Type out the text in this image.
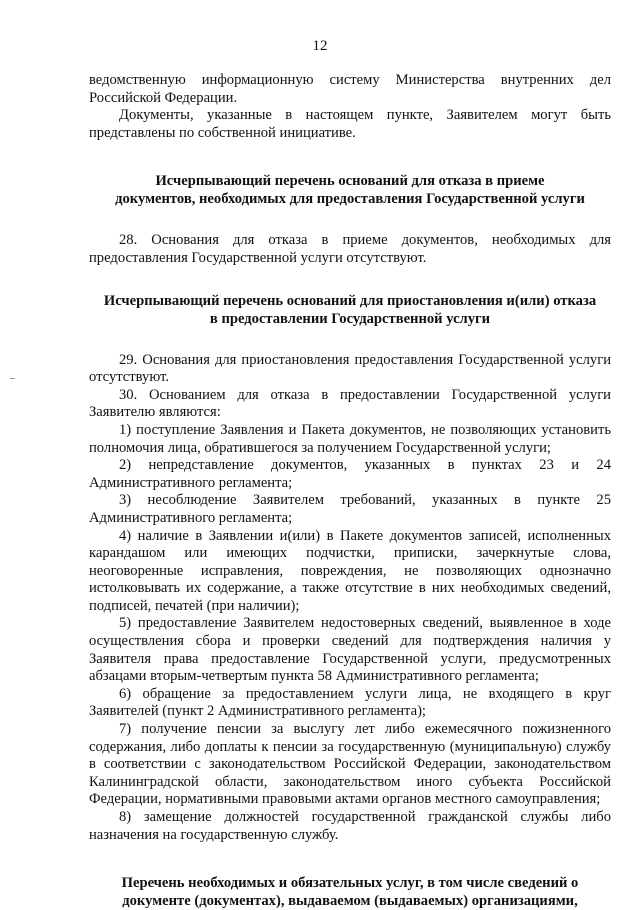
12

ведомственную информационную систему Министерства внутренних дел Российской Федерации.

Документы, указанные в настоящем пункте, Заявителем могут быть представлены по собственной инициативе.

Исчерпывающий перечень оснований для отказа в приеме
документов, необходимых для предоставления Государственной услуги

28. Основания для отказа в приеме документов, необходимых для предоставления Государственной услуги отсутствуют.

Исчерпывающий перечень оснований для приостановления и(или) отказа
в предоставлении Государственной услуги

29. Основания для приостановления предоставления Государственной услуги отсутствуют.

30. Основанием для отказа в предоставлении Государственной услуги Заявителю являются:

1) поступление Заявления и Пакета документов, не позволяющих установить полномочия лица, обратившегося за получением Государственной услуги;

2) непредставление документов, указанных в пунктах 23 и 24 Административного регламента;

3) несоблюдение Заявителем требований, указанных в пункте 25 Административного регламента;

4) наличие в Заявлении и(или) в Пакете документов записей, исполненных карандашом или имеющих подчистки, приписки, зачеркнутые слова, неоговоренные исправления, повреждения, не позволяющих однозначно истолковывать их содержание, а также отсутствие в них необходимых сведений, подписей, печатей (при наличии);

5) предоставление Заявителем недостоверных сведений, выявленное в ходе осуществления сбора и проверки сведений для подтверждения наличия у Заявителя права предоставление Государственной услуги, предусмотренных абзацами вторым-четвертым пункта 58 Административного регламента;

6) обращение за предоставлением услуги лица, не входящего в круг Заявителей (пункт 2 Административного регламента);

7) получение пенсии за выслугу лет либо ежемесячного пожизненного содержания, либо доплаты к пенсии за государственную (муниципальную) службу в соответствии с законодательством Российской Федерации, законодательством Калининградской области, законодательством иного субъекта Российской Федерации, нормативными правовыми актами органов местного самоуправления;

8) замещение должностей государственной гражданской службы либо назначения на государственную службу.

Перечень необходимых и обязательных услуг, в том числе сведений о
документе (документах), выдаваемом (выдаваемых) организациями,
